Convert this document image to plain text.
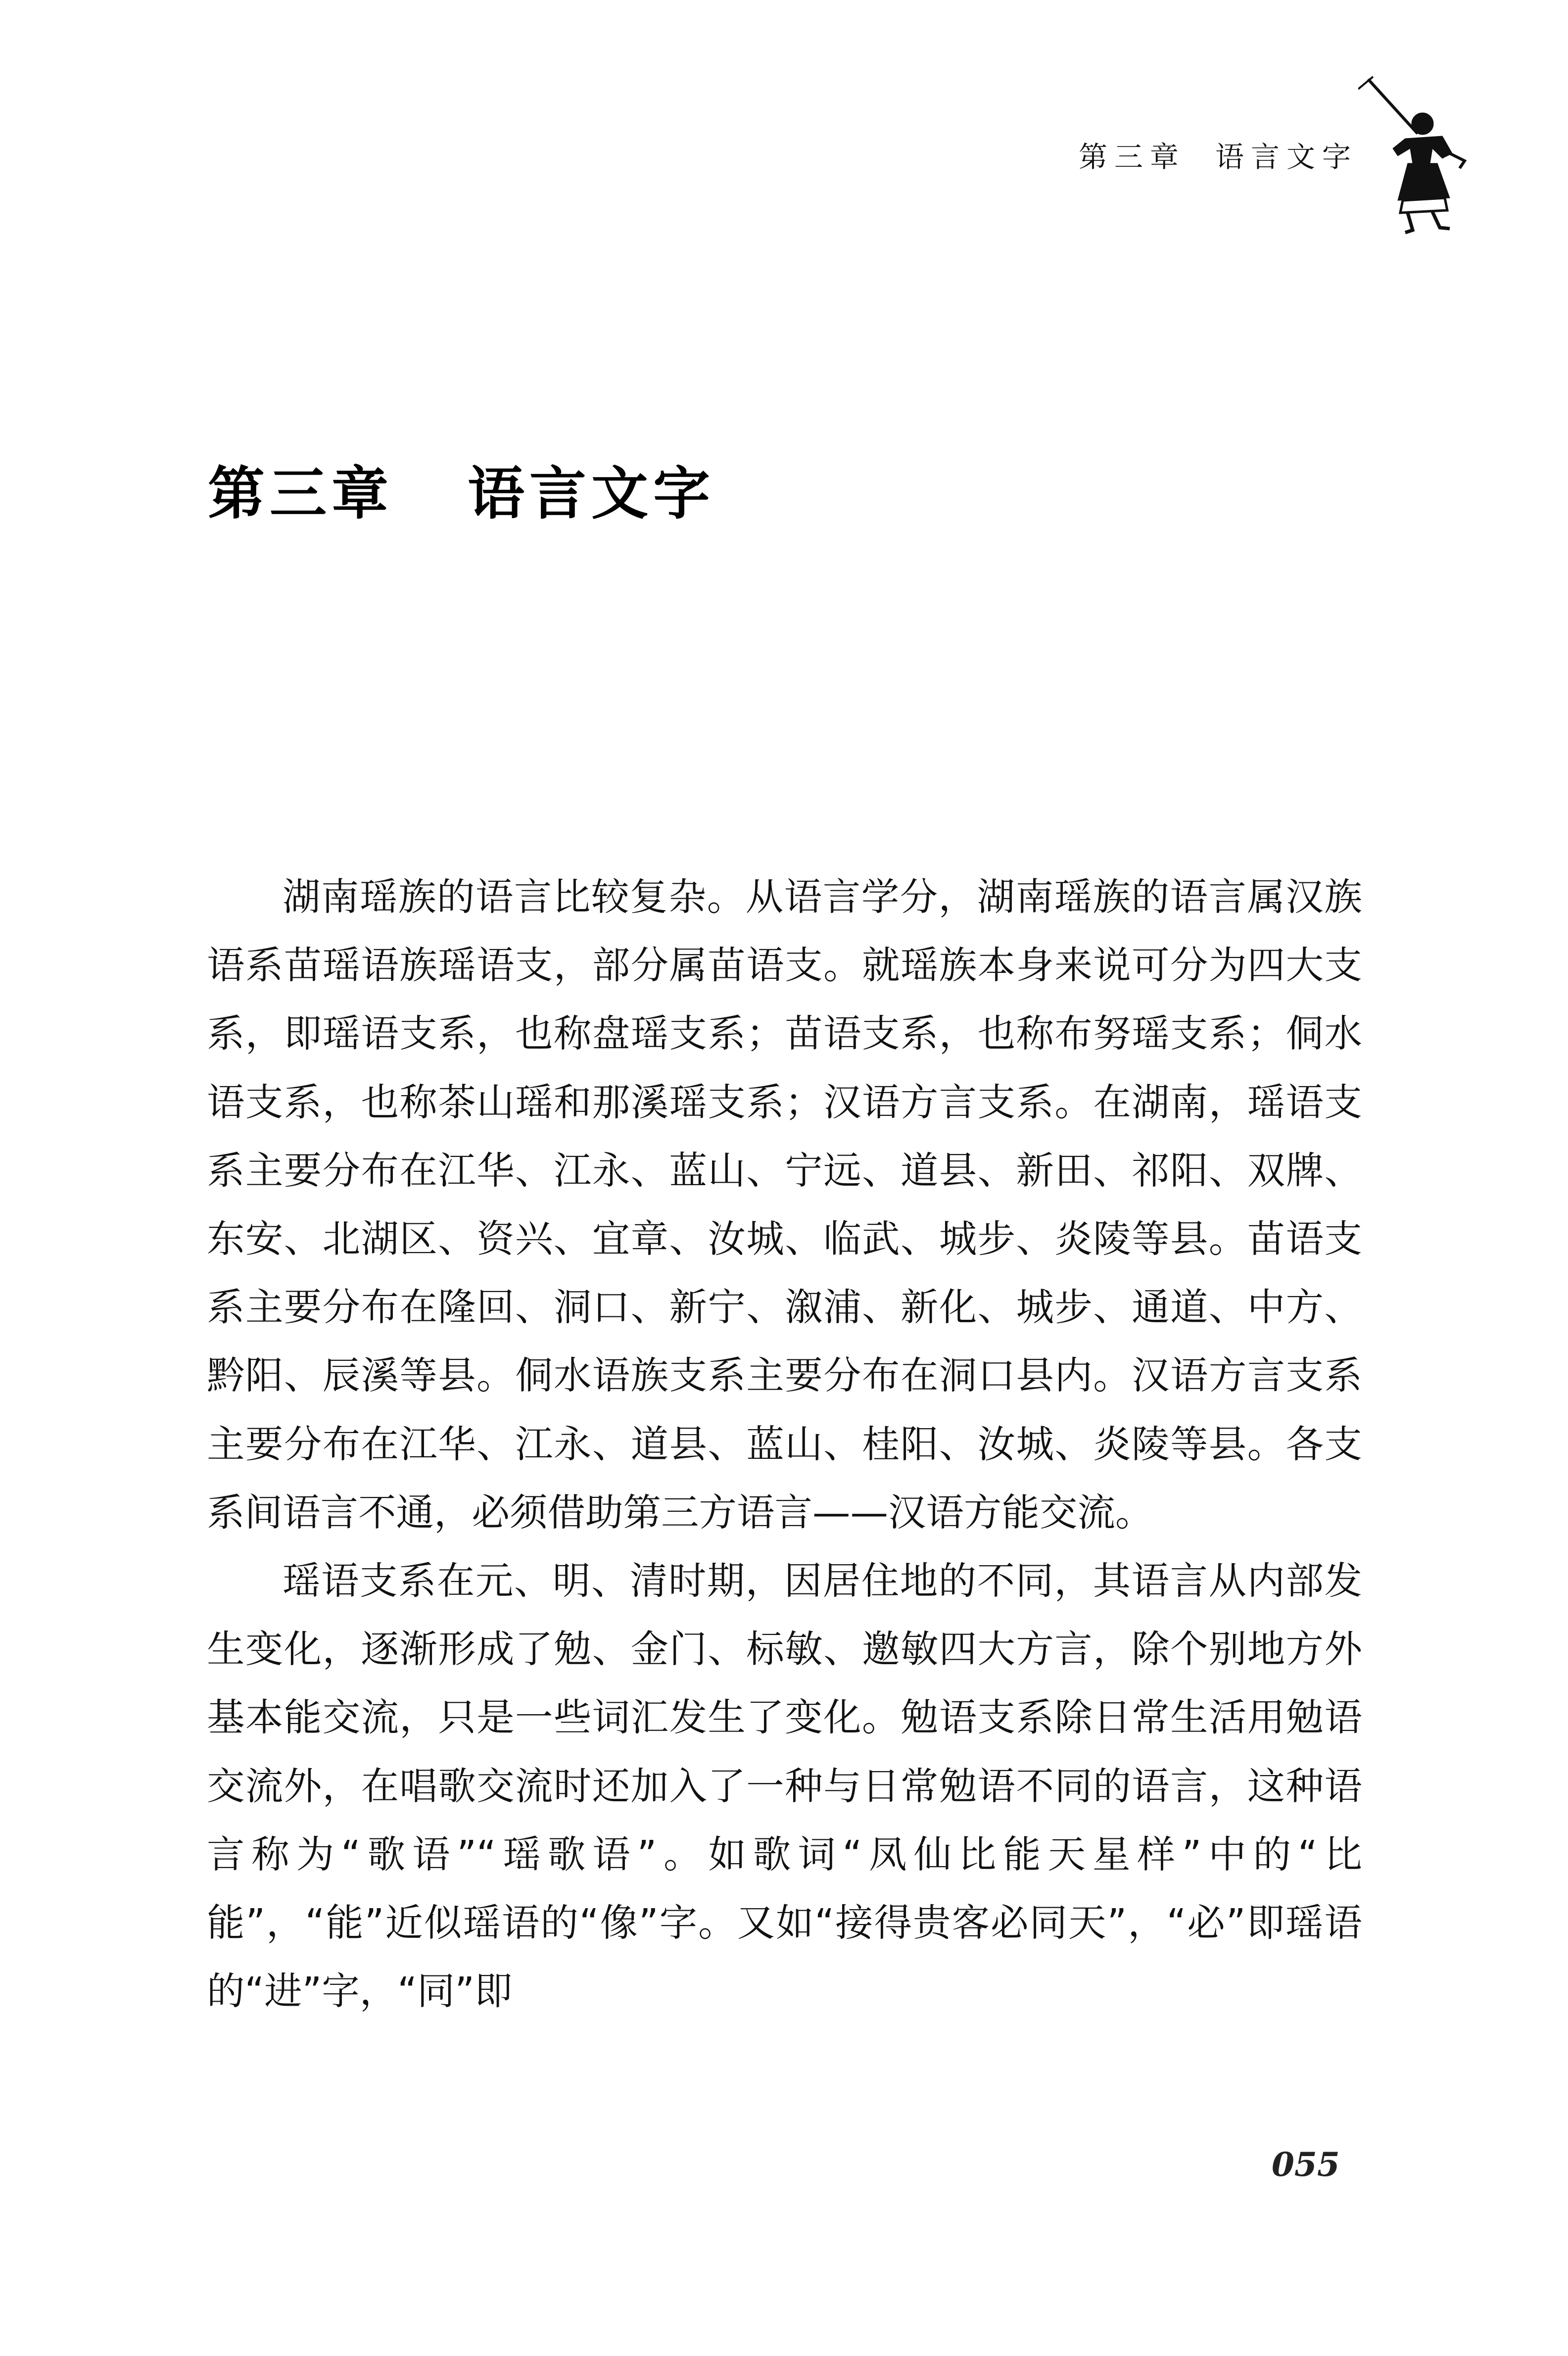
第三章 语言文字
第三章 语言文字

湖南瑶族的语言比较复杂。从语言学分，湖南瑶族的语言属汉族语系苗瑶语族瑶语支，部分属苗语支。就瑶族本身来说可分为四大支系，即瑶语支系，也称盘瑶支系；苗语支系，也称布努瑶支系；侗水语支系，也称茶山瑶和那溪瑶支系；汉语方言支系。在湖南，瑶语支系主要分布在江华、江永、蓝山、宁远、道县、新田、祁阳、双牌、东安、北湖区、资兴、宜章、汝城、临武、城步、炎陵等县。苗语支系主要分布在隆回、洞口、新宁、溆浦、新化、城步、通道、中方、黔阳、辰溪等县。侗水语族支系主要分布在洞口县内。汉语方言支系主要分布在江华、江永、道县、蓝山、桂阳、汝城、炎陵等县。各支系间语言不通，必须借助第三方语言——汉语方能交流。

瑶语支系在元、明、清时期，因居住地的不同，其语言从内部发生变化，逐渐形成了勉、金门、标敏、邀敏四大方言，除个别地方外基本能交流，只是一些词汇发生了变化。勉语支系除日常生活用勉语交流外，在唱歌交流时还加入了一种与日常勉语不同的语言，这种语言称为“歌语”“瑶歌语”。如歌词“凤仙比能天星样”中的“比能”，“能”近似瑶语的“像”字。又如“接得贵客必同天”，“必”即瑶语的“进”字，“同”即

055
